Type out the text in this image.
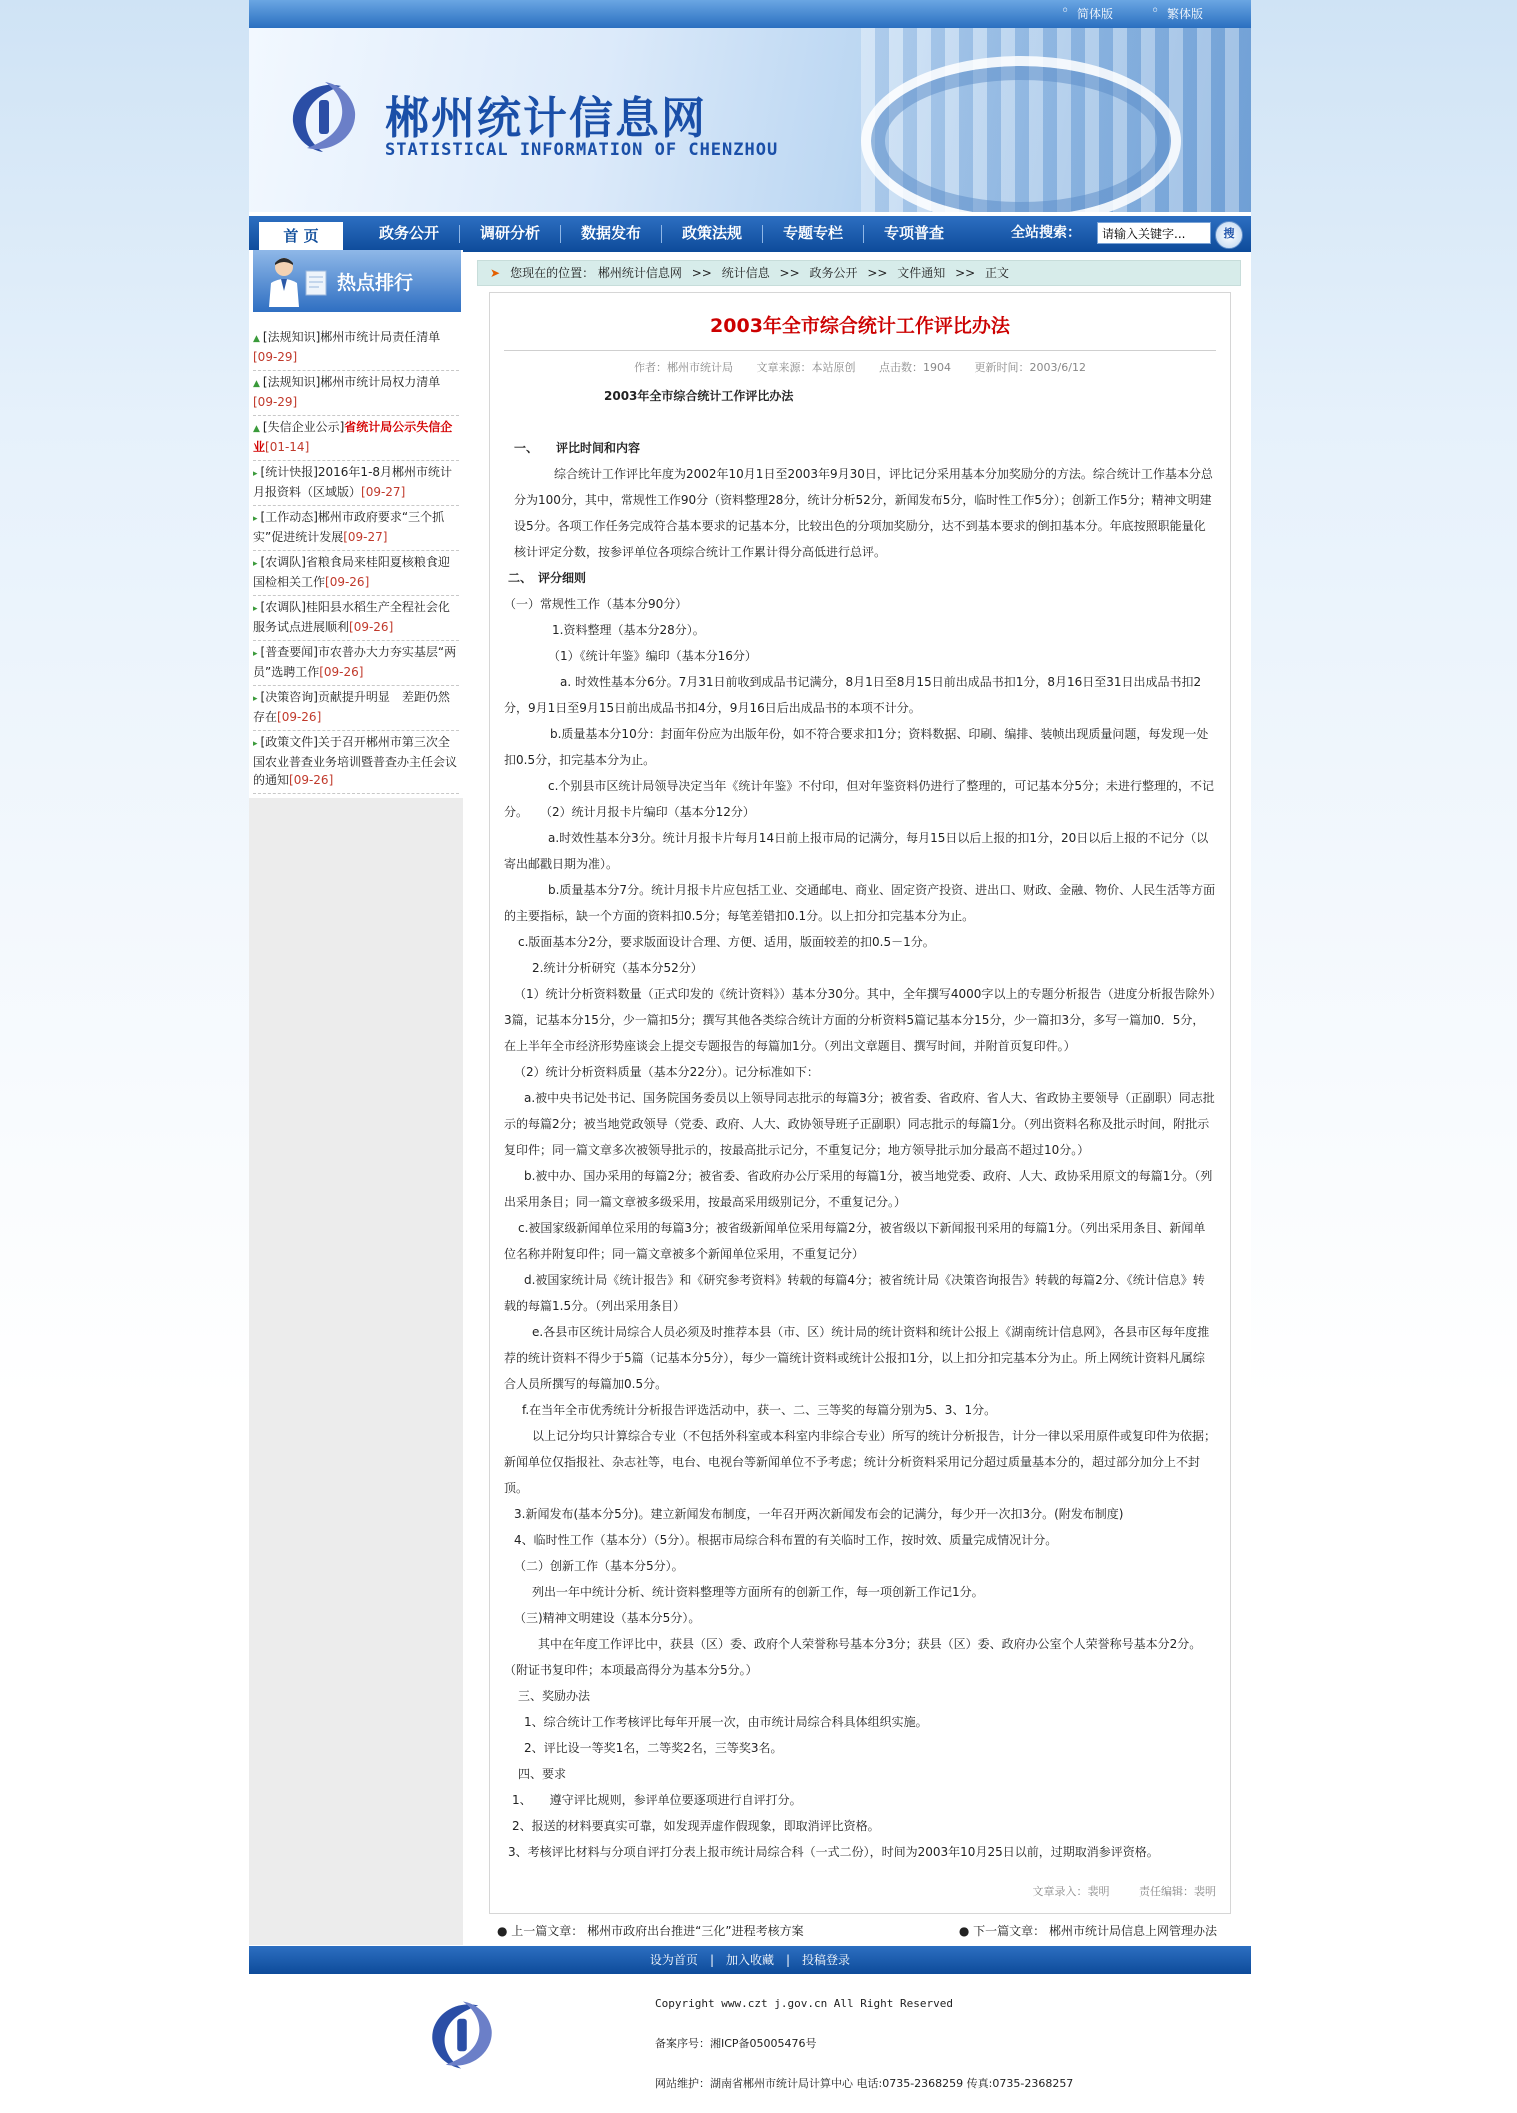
◦ 简体版
◦	繁体版
郴州统计信息网
STATISTICAL INFORMATION OF CHENZHOU
首 页	政务公开	调研分析	数据发布	政策法规	专题专栏	专项普查	全站搜索：
请输入关键字...	搜
热点排行
▲ [法规知识]郴州市统计局责任清单[09-29]
▲ [法规知识]郴州市统计局权力清单[09-29]
▲ [失信企业公示]省统计局公示失信企业[01-14]
▸ [统计快报]2016年1-8月郴州市统计月报资料（区域版）[09-27]
▸ [工作动态]郴州市政府要求“三个抓实”促进统计发展[09-27]
▸ [农调队]省粮食局来桂阳夏核粮食迎国检相关工作[09-26]
▸ [农调队]桂阳县水稻生产全程社会化服务试点进展顺利[09-26]
▸ [普查要闻]市农普办大力夯实基层“两员”选聘工作[09-26]
▸ [决策咨询]贡献提升明显　差距仍然存在[09-26]
▸ [政策文件]关于召开郴州市第三次全国农业普查业务培训暨普查办主任会议的通知[09-26]
➤ 您现在的位置： 郴州统计信息网 >> 统计信息 >> 政务公开 >> 文件通知 >> 正文
2003年全市综合统计工作评比办法
作者：郴州市统计局 文章来源：本站原创 点击数：1904 更新时间：2003/6/12

2003年全市综合统计工作评比办法

一、　　评比时间和内容

综合统计工作评比年度为2002年10月1日至2003年9月30日，评比记分采用基本分加奖励分的方法。综合统计工作基本分总分为100分，其中，常规性工作90分（资料整理28分，统计分析52分，新闻发布5分，临时性工作5分）；创新工作5分；精神文明建设5分。各项工作任务完成符合基本要求的记基本分，比较出色的分项加奖励分，达不到基本要求的倒扣基本分。年底按照职能量化核计评定分数，按参评单位各项综合统计工作累计得分高低进行总评。

二、　评分细则

（一）常规性工作（基本分90分）

1.资料整理（基本分28分）。

（1）《统计年鉴》编印（基本分16分）

a. 时效性基本分6分。7月31日前收到成品书记满分，8月1日至8月15日前出成品书扣1分，8月16日至31日出成品书扣2分，9月1日至9月15日前出成品书扣4分，9月16日后出成品书的本项不计分。

b.质量基本分10分：封面年份应为出版年份，如不符合要求扣1分；资料数据、印刷、编排、装帧出现质量问题，每发现一处扣0.5分，扣完基本分为止。

c.个别县市区统计局领导决定当年《统计年鉴》不付印，但对年鉴资料仍进行了整理的，可记基本分5分；未进行整理的，不记分。　　（2）统计月报卡片编印（基本分12分）

a.时效性基本分3分。统计月报卡片每月14日前上报市局的记满分，每月15日以后上报的扣1分，20日以后上报的不记分（以寄出邮戳日期为准）。

b.质量基本分7分。统计月报卡片应包括工业、交通邮电、商业、固定资产投资、进出口、财政、金融、物价、人民生活等方面的主要指标，缺一个方面的资料扣0.5分；每笔差错扣0.1分。以上扣分扣完基本分为止。

c.版面基本分2分，要求版面设计合理、方便、适用，版面较差的扣0.5－1分。

2.统计分析研究（基本分52分）

（1）统计分析资料数量（正式印发的《统计资料》）基本分30分。其中，全年撰写4000字以上的专题分析报告（进度分析报告除外）3篇，记基本分15分，少一篇扣5分；撰写其他各类综合统计方面的分析资料5篇记基本分15分，少一篇扣3分，多写一篇加0．5分，在上半年全市经济形势座谈会上提交专题报告的每篇加1分。（列出文章题目、撰写时间，并附首页复印件。）

（2）统计分析资料质量（基本分22分）。记分标准如下：

a.被中央书记处书记、国务院国务委员以上领导同志批示的每篇3分；被省委、省政府、省人大、省政协主要领导（正副职）同志批示的每篇2分；被当地党政领导（党委、政府、人大、政协领导班子正副职）同志批示的每篇1分。（列出资料名称及批示时间，附批示复印件；同一篇文章多次被领导批示的，按最高批示记分，不重复记分；地方领导批示加分最高不超过10分。）

b.被中办、国办采用的每篇2分；被省委、省政府办公厅采用的每篇1分，被当地党委、政府、人大、政协采用原文的每篇1分。（列出采用条目；同一篇文章被多级采用，按最高采用级别记分，不重复记分。）

c.被国家级新闻单位采用的每篇3分；被省级新闻单位采用每篇2分，被省级以下新闻报刊采用的每篇1分。（列出采用条目、新闻单位名称并附复印件；同一篇文章被多个新闻单位采用，不重复记分）

d.被国家统计局《统计报告》和《研究参考资料》转载的每篇4分；被省统计局《决策咨询报告》转载的每篇2分、《统计信息》转载的每篇1.5分。（列出采用条目）

e.各县市区统计局综合人员必须及时推荐本县（市、区）统计局的统计资料和统计公报上《湖南统计信息网》，各县市区每年度推荐的统计资料不得少于5篇（记基本分5分），每少一篇统计资料或统计公报扣1分，以上扣分扣完基本分为止。所上网统计资料凡属综合人员所撰写的每篇加0.5分。

f.在当年全市优秀统计分析报告评选活动中，获一、二、三等奖的每篇分别为5、3、1分。

以上记分均只计算综合专业（不包括外科室或本科室内非综合专业）所写的统计分析报告，计分一律以采用原件或复印件为依据；新闻单位仅指报社、杂志社等，电台、电视台等新闻单位不予考虑；统计分析资料采用记分超过质量基本分的，超过部分加分上不封顶。

3.新闻发布(基本分5分)。建立新闻发布制度，一年召开两次新闻发布会的记满分，每少开一次扣3分。(附发布制度)

4、临时性工作（基本分）（5分）。根据市局综合科布置的有关临时工作，按时效、质量完成情况计分。

（二）创新工作（基本分5分）。

列出一年中统计分析、统计资料整理等方面所有的创新工作，每一项创新工作记1分。

（三)精神文明建设（基本分5分）。

其中在年度工作评比中，获县（区）委、政府个人荣誉称号基本分3分；获县（区）委、政府办公室个人荣誉称号基本分2分。（附证书复印件；本项最高得分为基本分5分。）

三、奖励办法

1、综合统计工作考核评比每年开展一次，由市统计局综合科具体组织实施。

2、评比设一等奖1名，二等奖2名，三等奖3名。

四、要求

1、　　遵守评比规则，参评单位要逐项进行自评打分。

2、报送的材料要真实可靠，如发现弄虚作假现象，即取消评比资格。

3、考核评比材料与分项自评打分表上报市统计局综合科（一式二份），时间为2003年10月25日以前，过期取消参评资格。

文章录入：裴明	责任编辑：裴明
● 上一篇文章： 郴州市政府出台推进“三化”进程考核方案	● 下一篇文章： 郴州市统计局信息上网管理办法
设为首页 | 加入收藏 | 投稿登录
Copyright www.czt j.gov.cn All Right Reserved
备案序号：湘ICP备05005476号
网站维护：湖南省郴州市统计局计算中心 电话:0735-2368259 传真:0735-2368257
